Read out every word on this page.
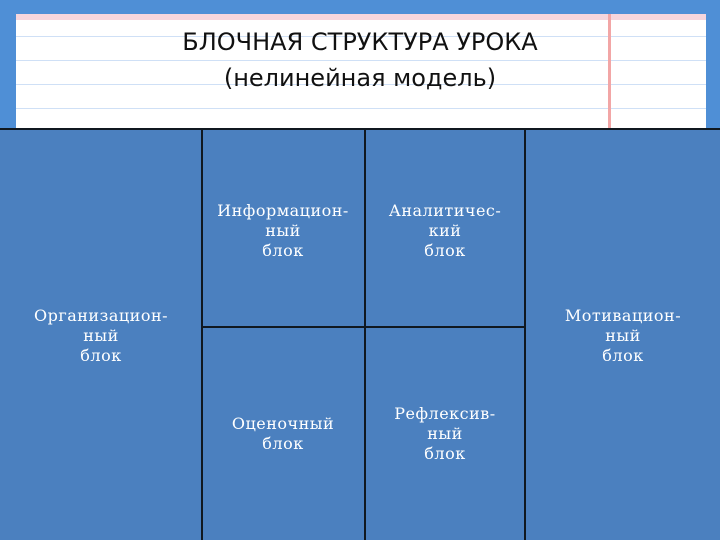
БЛОЧНАЯ СТРУКТУРА УРОКА
(нелинейная модель)
Организацион-
ный
блок
Информацион-
ный
блок
Аналитичес-
кий
блок
Мотивацион-
ный
блок
Оценочный
блок
Рефлексив-
ный
блок
